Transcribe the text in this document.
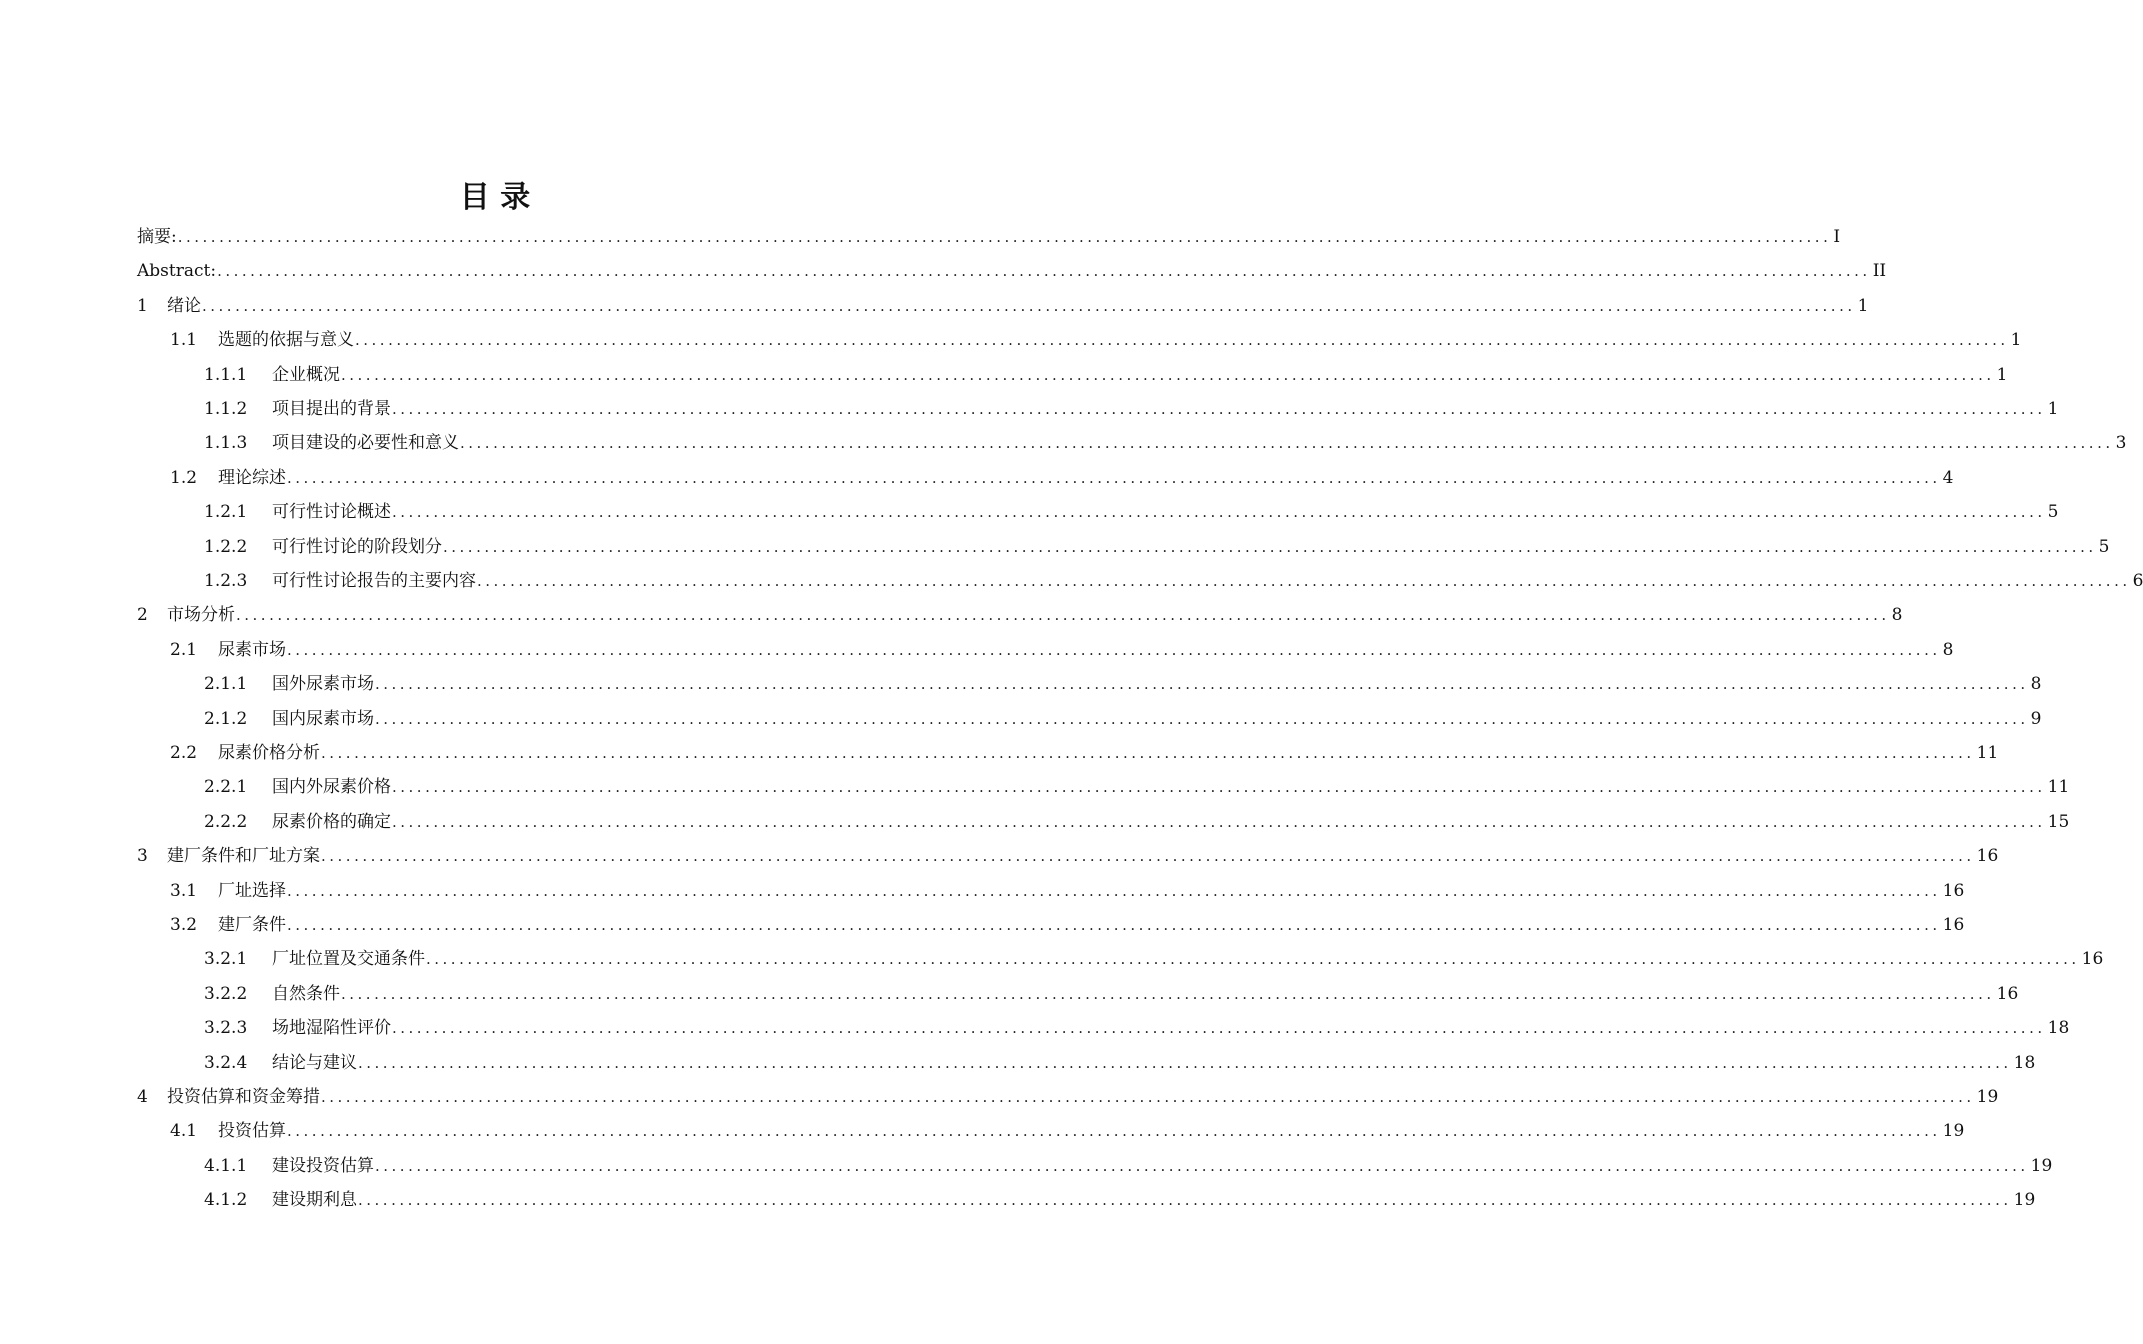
目 录
摘要: ........................................................................................................................................................................................................ I
Abstract: ........................................................................................................................................................................................................ II
1	绪论 ........................................................................................................................................................................................................ 1
1.1	选题的依据与意义 ........................................................................................................................................................................................................ 1
1.1.1	企业概况 ........................................................................................................................................................................................................ 1
1.1.2	项目提出的背景 ........................................................................................................................................................................................................ 1
1.1.3	项目建设的必要性和意义 ........................................................................................................................................................................................................ 3
1.2	理论综述 ........................................................................................................................................................................................................ 4
1.2.1	可行性讨论概述 ........................................................................................................................................................................................................ 5
1.2.2	可行性讨论的阶段划分 ........................................................................................................................................................................................................ 5
1.2.3	可行性讨论报告的主要内容 ........................................................................................................................................................................................................ 6
2	市场分析 ........................................................................................................................................................................................................ 8
2.1	尿素市场 ........................................................................................................................................................................................................ 8
2.1.1	国外尿素市场 ........................................................................................................................................................................................................ 8
2.1.2	国内尿素市场 ........................................................................................................................................................................................................ 9
2.2	尿素价格分析 ........................................................................................................................................................................................................ 11
2.2.1	国内外尿素价格 ........................................................................................................................................................................................................ 11
2.2.2	尿素价格的确定 ........................................................................................................................................................................................................ 15
3	建厂条件和厂址方案 ........................................................................................................................................................................................................ 16
3.1	厂址选择 ........................................................................................................................................................................................................ 16
3.2	建厂条件 ........................................................................................................................................................................................................ 16
3.2.1	厂址位置及交通条件 ........................................................................................................................................................................................................ 16
3.2.2	自然条件 ........................................................................................................................................................................................................ 16
3.2.3	场地湿陷性评价 ........................................................................................................................................................................................................ 18
3.2.4	结论与建议 ........................................................................................................................................................................................................ 18
4	投资估算和资金筹措 ........................................................................................................................................................................................................ 19
4.1	投资估算 ........................................................................................................................................................................................................ 19
4.1.1	建设投资估算 ........................................................................................................................................................................................................ 19
4.1.2	建设期利息 ........................................................................................................................................................................................................ 19
